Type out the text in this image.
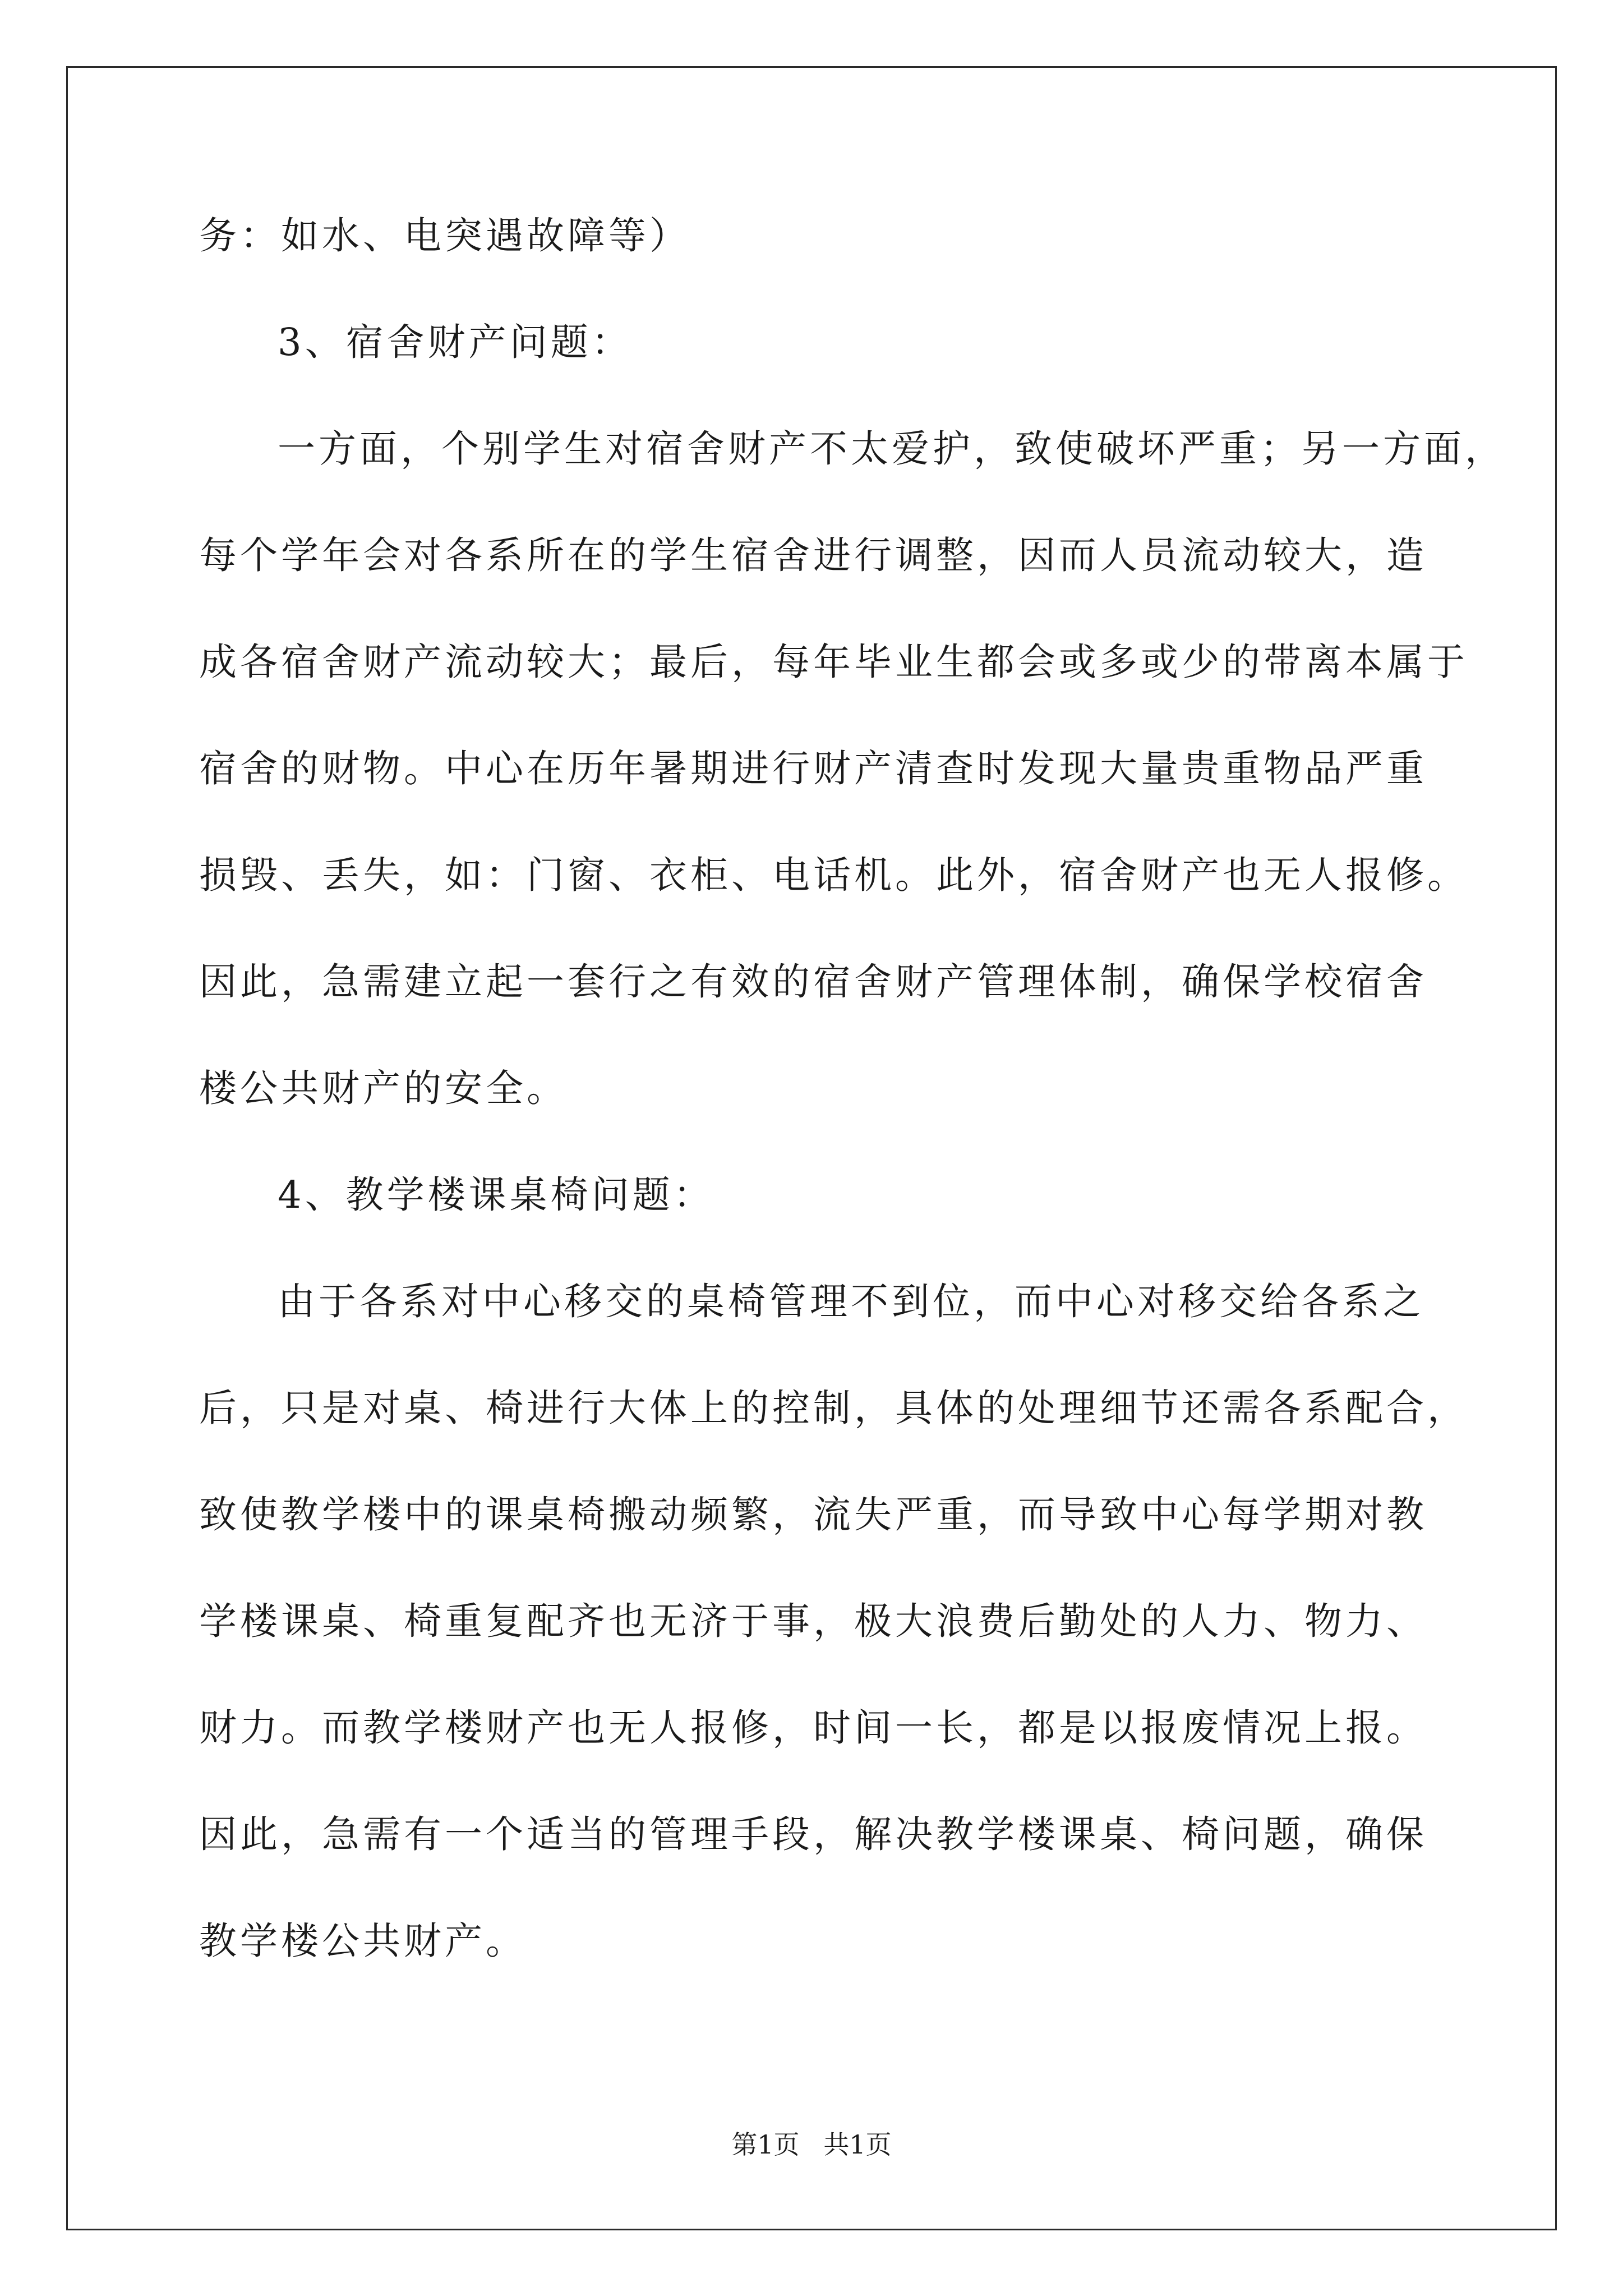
务：如水、电突遇故障等）

3、宿舍财产问题：

一方面，个别学生对宿舍财产不太爱护，致使破坏严重；另一方面，

每个学年会对各系所在的学生宿舍进行调整，因而人员流动较大，造

成各宿舍财产流动较大；最后，每年毕业生都会或多或少的带离本属于

宿舍的财物。中心在历年暑期进行财产清查时发现大量贵重物品严重

损毁、丢失，如：门窗、衣柜、电话机。此外，宿舍财产也无人报修。

因此，急需建立起一套行之有效的宿舍财产管理体制，确保学校宿舍

楼公共财产的安全。

4、教学楼课桌椅问题：

由于各系对中心移交的桌椅管理不到位，而中心对移交给各系之

后，只是对桌、椅进行大体上的控制，具体的处理细节还需各系配合，

致使教学楼中的课桌椅搬动频繁，流失严重，而导致中心每学期对教

学楼课桌、椅重复配齐也无济于事，极大浪费后勤处的人力、物力、

财力。而教学楼财产也无人报修，时间一长，都是以报废情况上报。

因此，急需有一个适当的管理手段，解决教学楼课桌、椅问题，确保

教学楼公共财产。

第1页 共1页
